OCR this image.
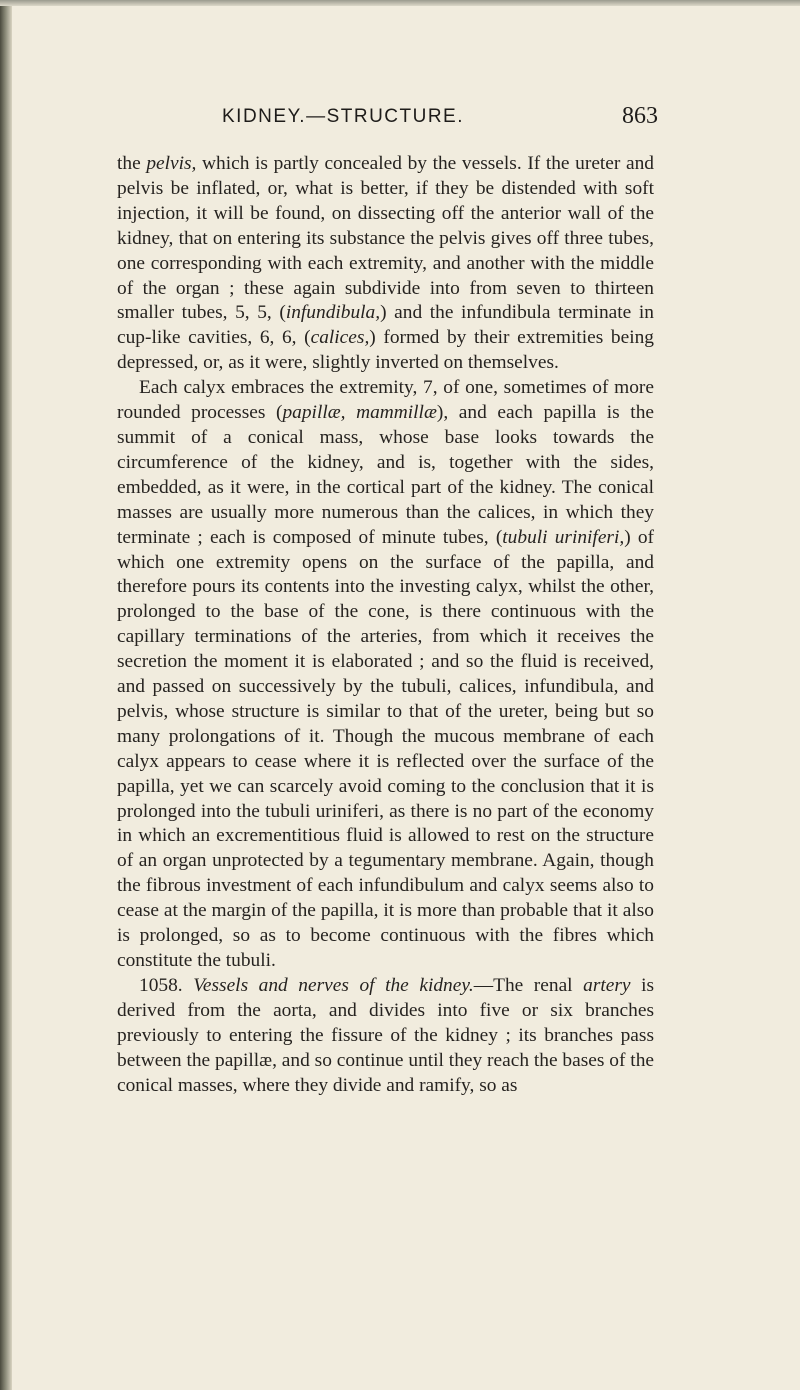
KIDNEY.—STRUCTURE.	863

the pelvis, which is partly concealed by the vessels. If the ureter and pelvis be inflated, or, what is better, if they be distended with soft injection, it will be found, on dissecting off the anterior wall of the kidney, that on entering its substance the pelvis gives off three tubes, one corresponding with each extremity, and another with the middle of the organ ; these again subdivide into from seven to thirteen smaller tubes, 5, 5, (infundibula,) and the infundibula terminate in cup-like cavities, 6, 6, (calices,) formed by their extremities being depressed, or, as it were, slightly inverted on themselves.

Each calyx embraces the extremity, 7, of one, sometimes of more rounded processes (papillæ, mammillæ), and each papilla is the summit of a conical mass, whose base looks towards the circumference of the kidney, and is, together with the sides, embedded, as it were, in the cortical part of the kidney. The conical masses are usually more numerous than the calices, in which they terminate ; each is composed of minute tubes, (tubuli uriniferi,) of which one extremity opens on the surface of the papilla, and therefore pours its contents into the investing calyx, whilst the other, prolonged to the base of the cone, is there continuous with the capillary terminations of the arteries, from which it receives the secretion the moment it is elaborated ; and so the fluid is received, and passed on successively by the tubuli, calices, infundibula, and pelvis, whose structure is similar to that of the ureter, being but so many prolongations of it. Though the mucous membrane of each calyx appears to cease where it is reflected over the surface of the papilla, yet we can scarcely avoid coming to the conclusion that it is prolonged into the tubuli uriniferi, as there is no part of the economy in which an excrementitious fluid is allowed to rest on the structure of an organ unprotected by a tegumentary membrane. Again, though the fibrous investment of each infundibulum and calyx seems also to cease at the margin of the papilla, it is more than probable that it also is prolonged, so as to become continuous with the fibres which constitute the tubuli.

1058. Vessels and nerves of the kidney.—The renal artery is derived from the aorta, and divides into five or six branches previously to entering the fissure of the kidney ; its branches pass between the papillæ, and so continue until they reach the bases of the conical masses, where they divide and ramify, so as
